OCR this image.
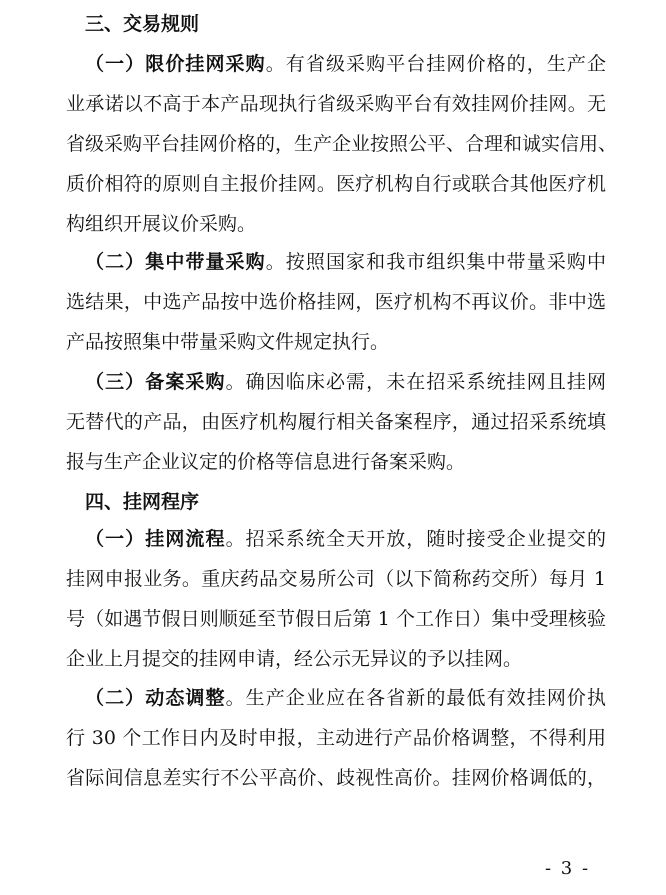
三、交易规则
（一）限价挂网采购。有省级采购平台挂网价格的，生产企
业承诺以不高于本产品现执行省级采购平台有效挂网价挂网。无
省级采购平台挂网价格的，生产企业按照公平、合理和诚实信用、
质价相符的原则自主报价挂网。医疗机构自行或联合其他医疗机
构组织开展议价采购。
（二）集中带量采购。按照国家和我市组织集中带量采购中
选结果，中选产品按中选价格挂网，医疗机构不再议价。非中选
产品按照集中带量采购文件规定执行。
（三）备案采购。确因临床必需，未在招采系统挂网且挂网
无替代的产品，由医疗机构履行相关备案程序，通过招采系统填
报与生产企业议定的价格等信息进行备案采购。
四、挂网程序
（一）挂网流程。招采系统全天开放，随时接受企业提交的
挂网申报业务。重庆药品交易所公司（以下简称药交所）每月 1
号（如遇节假日则顺延至节假日后第 1 个工作日）集中受理核验
企业上月提交的挂网申请，经公示无异议的予以挂网。
（二）动态调整。生产企业应在各省新的最低有效挂网价执
行 30 个工作日内及时申报，主动进行产品价格调整，不得利用
省际间信息差实行不公平高价、歧视性高价。挂网价格调低的，
- 3 -
